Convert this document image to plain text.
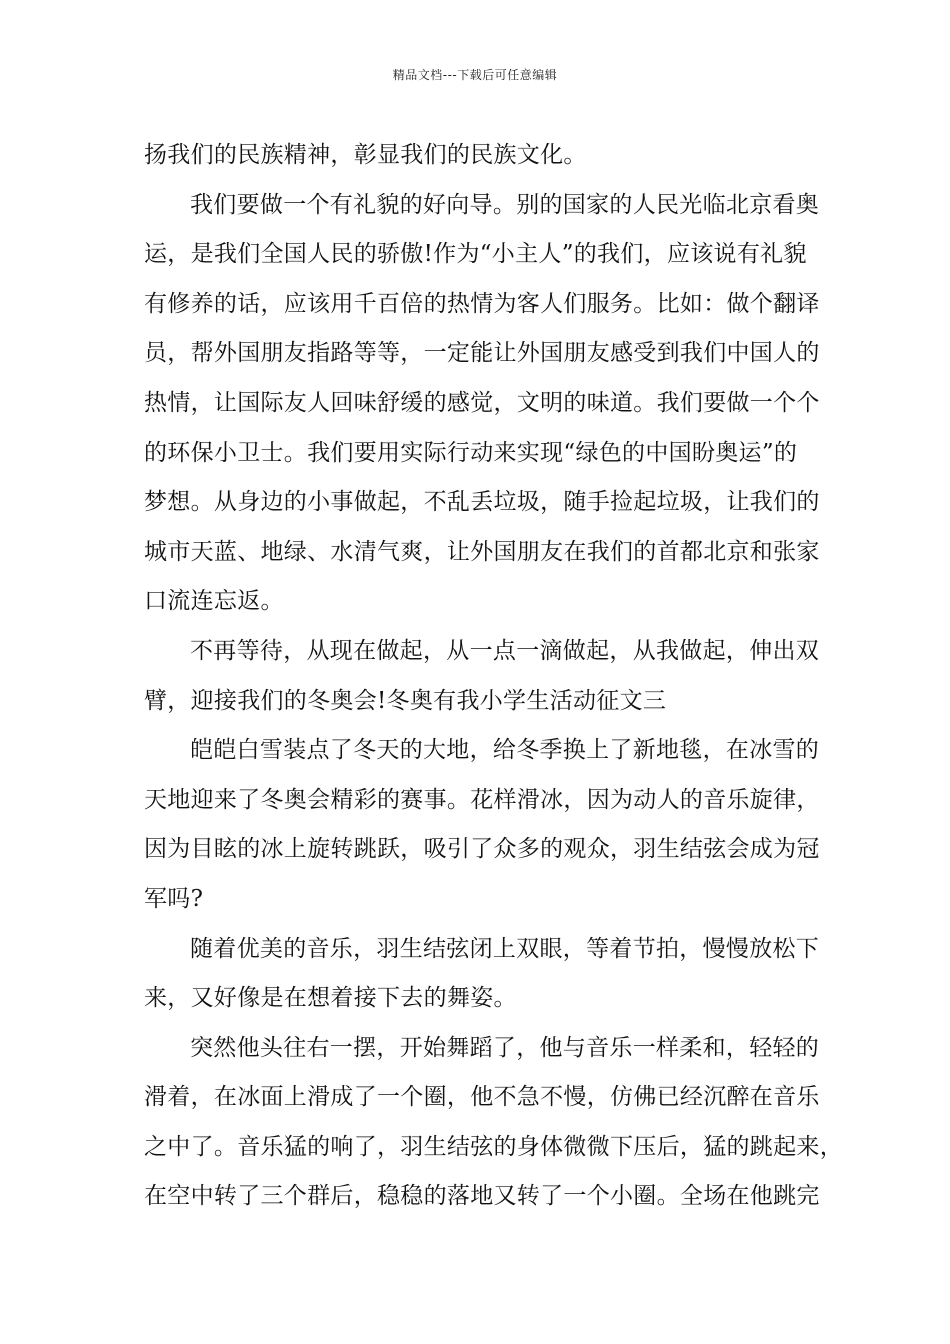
精品文档---下载后可任意编辑
扬我们的民族精神，彰显我们的民族文化。
我们要做一个有礼貌的好向导。别的国家的人民光临北京看奥
运，是我们全国人民的骄傲!作为“小主人”的我们，应该说有礼貌
有修养的话，应该用千百倍的热情为客人们服务。比如：做个翻译
员，帮外国朋友指路等等，一定能让外国朋友感受到我们中国人的
热情，让国际友人回味舒缓的感觉，文明的味道。我们要做一个个
的环保小卫士。我们要用实际行动来实现“绿色的中国盼奥运”的
梦想。从身边的小事做起，不乱丢垃圾，随手捡起垃圾，让我们的
城市天蓝、地绿、水清气爽，让外国朋友在我们的首都北京和张家
口流连忘返。
不再等待，从现在做起，从一点一滴做起，从我做起，伸出双
臂，迎接我们的冬奥会!冬奥有我小学生活动征文三
皑皑白雪装点了冬天的大地，给冬季换上了新地毯，在冰雪的
天地迎来了冬奥会精彩的赛事。花样滑冰，因为动人的音乐旋律，
因为目眩的冰上旋转跳跃，吸引了众多的观众，羽生结弦会成为冠
军吗?
随着优美的音乐，羽生结弦闭上双眼，等着节拍，慢慢放松下
来，又好像是在想着接下去的舞姿。
突然他头往右一摆，开始舞蹈了，他与音乐一样柔和，轻轻的
滑着，在冰面上滑成了一个圈，他不急不慢，仿佛已经沉醉在音乐
之中了。音乐猛的响了，羽生结弦的身体微微下压后，猛的跳起来，
在空中转了三个群后，稳稳的落地又转了一个小圈。全场在他跳完
